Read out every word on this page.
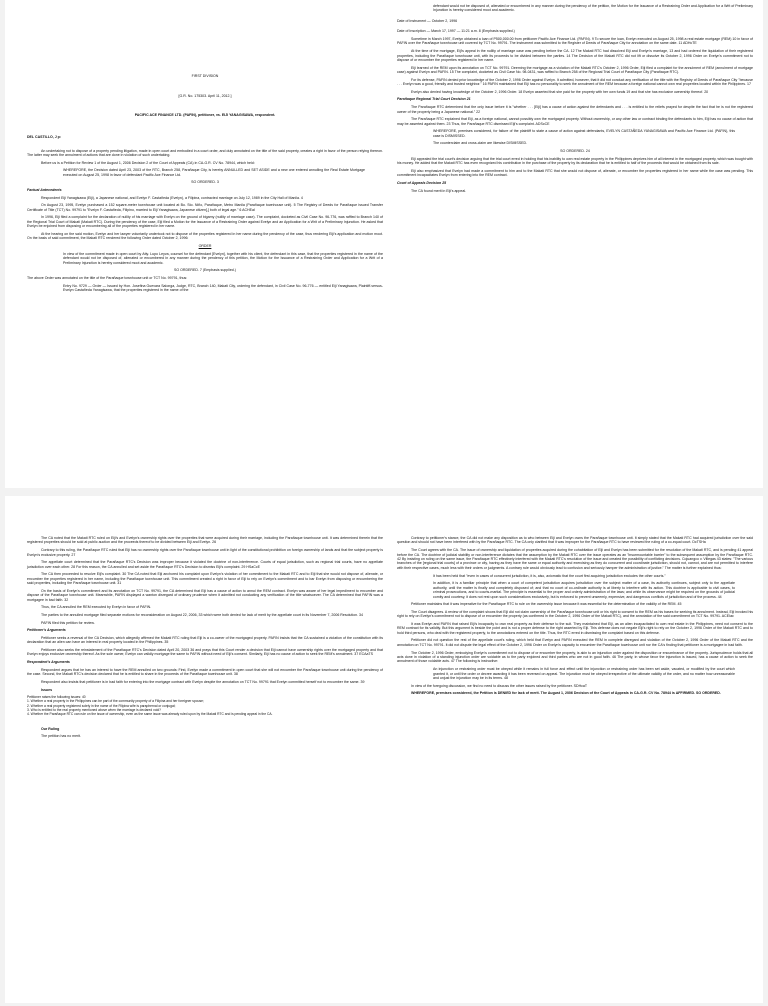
FIRST DIVISION

[G.R. No. 175303. April 11, 2012.]

PACIFIC ACE FINANCE LTD. (PAFIN), petitioner, vs. EIJI YANAGISAWA, respondent.

DEL CASTILLO, J p:

An undertaking not to dispose of a property pending litigation, made in open court and embodied in a court order, and duly annotated on the title of the said property, creates a right in favor of the person relying thereon. The latter may seek the annulment of actions that are done in violation of such undertaking.

Before us is a Petition for Review 1 of the August 1, 2006 Decision 2 of the Court of Appeals (CA) in CA-G.R. CV No. 78944, which held:

WHEREFORE, the Decision dated April 23, 2003 of the RTC, Branch 258, Parañaque City, is hereby ANNULLED and SET ASIDE and a new one entered annulling the Real Estate Mortgage executed on August 25, 1998 in favor of defendant Pacific Ace Finance Ltd.

SO ORDERED. 3

Factual Antecedents

Respondent Eiji Yanagisawa (Eiji), a Japanese national, and Evelyn F. Castañeda (Evelyn), a Filipina, contracted marriage on July 12, 1989 in the City Hall of Manila. 4

On August 23, 1995, Evelyn purchased a 152 square-meter townhouse unit located at Bo. Sto. Niño, Parañaque, Metro Manila (Parañaque townhouse unit). 5 The Registry of Deeds for Parañaque issued Transfer Certificate of Title (TCT) No. 99791 to "Evelyn F. Castañeda, Filipino, married to Eiji Yanagisawa, Japanese citizen[,] both of legal age." 6 ACHEaI

In 1996, Eiji filed a complaint for the declaration of nullity of his marriage with Evelyn on the ground of bigamy (nullity of marriage case). The complaint, docketed as Civil Case No. 96-776, was raffled to Branch 140 of the Regional Trial Court of Makati (Makati RTC). During the pendency of the case, Eiji filed a Motion for the Issuance of a Restraining Order against Evelyn and an Application for a Writ of a Preliminary Injunction. He asked that Evelyn be enjoined from disposing or encumbering all of the properties registered in her name.

At the hearing on the said motion, Evelyn and her lawyer voluntarily undertook not to dispose of the properties registered in her name during the pendency of the case, thus rendering Eiji's application and motion moot. On the basis of said commitment, the Makati RTC rendered the following Order dated October 2, 1996:

ORDER

In view of the commitment made in open court by Atty. Lupo Leyva, counsel for the defendant [Evelyn], together with his client, the defendant in this case, that the properties registered in the name of the defendant would not be disposed of, alienated or encumbered in any manner during the pendency of this petition, the Motion for the Issuance of a Restraining Order and Application for a Writ of a Preliminary Injunction is hereby considered moot and academic.

SO ORDERED. 7 (Emphasis supplied.)

The above Order was annotated on the title of the Parañaque townhouse unit or TCT No. 99791, thus:

Entry No. 9729 — Order — Issued by Hon. Josefina Guevara Salonga, Judge, RTC, Branch 140, Makati City, ordering the defendant, in Civil Case No. 96-776 — entitled Eiji Yanagisawa, Plaintiff-versus-Evelyn Castañeda Yanagisawa, that the properties registered in the name of the

defendant would not be disposed of, alienated or encumbered in any manner during the pendency of the petition, the Motion for the Issuance of a Restraining Order and Application for a Writ of Preliminary Injunction is hereby considered moot and academic.

Date of Instrument — October 2, 1996

Date of Inscription — March 17, 1997 — 11:21 a.m. 8 (Emphasis supplied.)

Sometime in March 1997, Evelyn obtained a loan of P500,000.00 from petitioner Pacific Ace Finance Ltd. (PAFIN). 9 To secure the loan, Evelyn executed on August 25, 1998 a real estate mortgage (REM) 10 in favor of PAFIN over the Parañaque townhouse unit covered by TCT No. 99791. The instrument was submitted to the Register of Deeds of Parañaque City for annotation on the same date. 11 ADHcTE

At the time of the mortgage, Eiji's appeal in the nullity of marriage case was pending before the CA. 12 The Makati RTC had dissolved Eiji and Evelyn's marriage, 13 and had ordered the liquidation of their registered properties, including the Parañaque townhouse unit, with its proceeds to be divided between the parties. 14 The Decision of the Makati RTC did not lift or dissolve its October 2, 1996 Order on Evelyn's commitment not to dispose of or encumber the properties registered in her name.

Eiji learned of the REM upon its annotation on TCT No. 99791. Deeming the mortgage as a violation of the Makati RTC's October 2, 1996 Order, Eiji filed a complaint for the annulment of REM (annulment of mortgage case) against Evelyn and PAFIN. 15 The complaint, docketed as Civil Case No. 98-0431, was raffled to Branch 258 of the Regional Trial Court of Parañaque City (Parañaque RTC).

For its defense, PAFIN denied prior knowledge of the October 2, 1996 Order against Evelyn. It admitted, however, that it did not conduct any verification of the title with the Registry of Deeds of Parañaque City "because . . . Evelyn was a good, friendly and trusted neighbor." 16 PAFIN maintained that Eiji has no personality to seek the annulment of the REM because a foreign national cannot own real properties located within the Philippines. 17

Evelyn also denied having knowledge of the October 2, 1996 Order. 18 Evelyn asserted that she paid for the property with her own funds 19 and that she has exclusive ownership thereof. 20

Parañaque Regional Trial Court Decision 21

The Parañaque RTC determined that the only issue before it is "whether . . . [Eiji] has a cause of action against the defendants and . . . is entitled to the reliefs prayed for despite the fact that he is not the registered owner of the property being a Japanese national." 22

The Parañaque RTC explained that Eiji, as a foreign national, cannot possibly own the mortgaged property. Without ownership, or any other law or contract binding the defendants to him, Eiji has no cause of action that may be asserted against them. 23 Thus, the Parañaque RTC dismissed Eiji's complaint. ADScCE

WHEREFORE, premises considered, for failure of the plaintiff to state a cause of action against defendants, EVELYN CASTAÑEDA YANAGISAWA and Pacific Ace Finance Ltd. (PAFIN), this case is DISMISSED.

The counterclaim and cross-claim are likewise DISMISSED.

SO ORDERED. 24

Eiji appealed the trial court's decision arguing that the trial court erred in holding that his inability to own real estate property in the Philippines deprives him of all interest in the mortgaged property, which was bought with his money. He added that the Makati RTC has even recognized his contribution in the purchase of the property by its declaration that he is entitled to half of the proceeds that would be obtained from its sale.

Eiji also emphasized that Evelyn had made a commitment to him and to the Makati RTC that she would not dispose of, alienate, or encumber the properties registered in her name while the case was pending. This commitment incapacitates Evelyn from entering into the REM contract.

Court of Appeals Decision 25

The CA found merit in Eiji's appeal.

The CA noted that the Makati RTC ruled on Eiji's and Evelyn's ownership rights over the properties that were acquired during their marriage, including the Parañaque townhouse unit. It was determined therein that the registered properties should be sold at public auction and the proceeds thereof to be divided between Eiji and Evelyn. 26

Contrary to this ruling, the Parañaque RTC ruled that Eiji has no ownership rights over the Parañaque townhouse unit in light of the constitutional prohibition on foreign ownership of lands and that the subject property is Evelyn's exclusive property. 27

The appellate court determined that the Parañaque RTC's Decision was improper because it violated the doctrine of non-interference. Courts of equal jurisdiction, such as regional trial courts, have no appellate jurisdiction over each other. 28 For this reason, the CA annulled and set aside the Parañaque RTC's Decision to dismiss Eiji's complaint. 29 HSaCcE

The CA then proceeded to resolve Eiji's complaint. 30 The CA noted that Eiji anchored his complaint upon Evelyn's violation of her commitment to the Makati RTC and to Eiji that she would not dispose of, alienate, or encumber the properties registered in her name, including the Parañaque townhouse unit. This commitment created a right in favor of Eiji to rely on Evelyn's commitment and to bar Evelyn from disposing or encumbering the said properties, including the Parañaque townhouse unit. 31

On the basis of Evelyn's commitment and its annotation on TCT No. 99791, the CA determined that Eiji has a cause of action to annul the REM contract. Evelyn was aware of her legal impediment to encumber and dispose of the Parañaque townhouse unit. Meanwhile, PAFIN displayed a wanton disregard of ordinary prudence when it admitted not conducting any verification of the title whatsoever. The CA determined that PAFIN was a mortgagee in bad faith. 32

Thus, the CA annulled the REM executed by Evelyn in favor of PAFIN.

The parties to the annulled mortgage filed separate motions for reconsideration on August 22, 2006, 33 which were both denied for lack of merit by the appellate court in its November 7, 2006 Resolution. 34

PAFIN filed this petition for review.

Petitioner's Arguments

Petitioner seeks a reversal of the CA Decision, which allegedly affirmed the Makati RTC ruling that Eiji is a co-owner of the mortgaged property. PAFIN insists that the CA sustained a violation of the constitution with its declaration that an alien can have an interest in real property located in the Philippines. 35

Petitioner also seeks the reinstatement of the Parañaque RTC's Decision dated April 20, 2003 36 and prays that this Court render a decision that Eiji cannot have ownership rights over the mortgaged property and that Evelyn enjoys exclusive ownership thereof. As the sole owner, Evelyn can validly mortgage the same to PAFIN without need of Eiji's consent. Similarly, Eiji has no cause of action to seek the REM's annulment. 37 ECAaTS

Respondent's Arguments

Respondent argues that he has an interest to have the REM annulled on two grounds: First, Evelyn made a commitment in open court that she will not encumber the Parañaque townhouse unit during the pendency of the case. Second, the Makati RTC's decision declared that he is entitled to share in the proceeds of the Parañaque townhouse unit. 38

Respondent also insists that petitioner is in bad faith for entering into the mortgage contract with Evelyn despite the annotation on TCT No. 99791 that Evelyn committed herself not to encumber the same. 39

Issues

Petitioner raises the following issues: 40

1. Whether a real property in the Philippines can be part of the community property of a Filipina and her foreigner spouse;

2. Whether a real property registered solely in the name of the Filipina wife is paraphernal or conjugal;

3. Who is entitled to the real property mentioned above when the marriage is declared void?

4. Whether the Parañaque RTC can rule on the issue of ownership, even as the same issue was already ruled upon by the Makati RTC and is pending appeal in the CA.

Our Ruling

The petition has no merit.

Contrary to petitioner's stance, the CA did not make any disposition as to who between Eiji and Evelyn owns the Parañaque townhouse unit. It simply stated that the Makati RTC had acquired jurisdiction over the said question and should not have been interfered with by the Parañaque RTC. The CA only clarified that it was improper for the Parañaque RTC to have reviewed the ruling of a co-equal court. DcTSHa

The Court agrees with the CA. The issue of ownership and liquidation of properties acquired during the cohabitation of Eiji and Evelyn has been submitted for the resolution of the Makati RTC, and is pending 41 appeal before the CA. The doctrine of judicial stability or non-interference dictates that the assumption by the Makati RTC over the issue operates as an "insurmountable barrier" to the subsequent assumption by the Parañaque RTC. 42 By insisting on ruling on the same issue, the Parañaque RTC effectively interfered with the Makati RTC's resolution of the issue and created the possibility of conflicting decisions. Cojuangco v. Villegas 43 states: "The various branches of the [regional trial courts] of a province or city, having as they have the same or equal authority and exercising as they do concurrent and coordinate jurisdiction, should not, cannot, and are not permitted to interfere with their respective cases, much less with their orders or judgments. A contrary rule would obviously lead to confusion and seriously hamper the administration of justice." The matter is further explained thus:

It has been held that "even in cases of concurrent jurisdiction, it is, also, axiomatic that the court first acquiring jurisdiction excludes the other courts."

In addition, it is a familiar principle that when a court of competent jurisdiction acquires jurisdiction over the subject matter of a case, its authority continues, subject only to the appellate authority, until the matter is finally and completely disposed of; and that no court of co-ordinate authority is at liberty to interfere with its action. This doctrine is applicable to civil cases, to criminal prosecutions, and to courts-martial. The principle is essential to the proper and orderly administration of the laws; and while its observance might be required on the grounds of judicial comity and courtesy, it does not rest upon such considerations exclusively, but is enforced to prevent unseemly, expensive, and dangerous conflicts of jurisdiction and of the process. 44

Petitioner maintains that it was imperative for the Parañaque RTC to rule on the ownership issue because it was essential for the determination of the validity of the REM. 45

The Court disagrees. A review of the complaint shows that Eiji did not claim ownership of the Parañaque townhouse unit or his right to consent to the REM as his bases for seeking its annulment. Instead, Eiji invoked his right to rely on Evelyn's commitment not to dispose of or encumber the property (as confirmed in the October 2, 1996 Order of the Makati RTC), and the annotation of the said commitment on TCT No. 99791. ACEIac

It was Evelyn and PAFIN that raised Eiji's incapacity to own real property as their defense to the suit. They maintained that Eiji, as an alien incapacitated to own real estate in the Philippines, need not consent to the REM contract for its validity. But this argument is beside the point and is not a proper defense to the right asserted by Eiji. This defense does not negate Eiji's right to rely on the October 2, 1996 Order of the Makati RTC and to hold third persons, who deal with the registered property, to the annotations entered on the title. Thus, the RTC erred in dismissing the complaint based on this defense.

Petitioner did not question the rest of the appellate court's ruling, which held that Evelyn and PAFIN executed the REM in complete disregard and violation of the October 2, 1996 Order of the Makati RTC and the annotation on TCT No. 99791. It did not dispute the legal effect of the October 2, 1996 Order on Evelyn's capacity to encumber the Parañaque townhouse unit nor the CA's finding that petitioner is a mortgagee in bad faith.

The October 2, 1996 Order, embodying Evelyn's commitment not to dispose of or encumber the property, is akin to an injunction order against the disposition or encumbrance of the property. Jurisprudence holds that all acts done in violation of a standing injunction order are voidable as to the party enjoined and third parties who are not in good faith. 46 The party, in whose favor the injunction is issued, has a cause of action to seek the annulment of those voidable acts. 47 The following is instructive:

An injunction or restraining order must be obeyed while it remains in full force and effect until the injunction or restraining order has been set aside, vacated, or modified by the court which granted it, or until the order or decree awarding it has been reversed on appeal. The injunction must be obeyed irrespective of the ultimate validity of the order, and no matter how unreasonable and unjust the injunction may be in its terms. 48

In view of the foregoing discussion, we find no need to discuss the other issues raised by the petitioner. SDHcaT

WHEREFORE, premises considered, the Petition is DENIED for lack of merit. The August 1, 2006 Decision of the Court of Appeals in CA-G.R. CV No. 78944 is AFFIRMED. SO ORDERED.
